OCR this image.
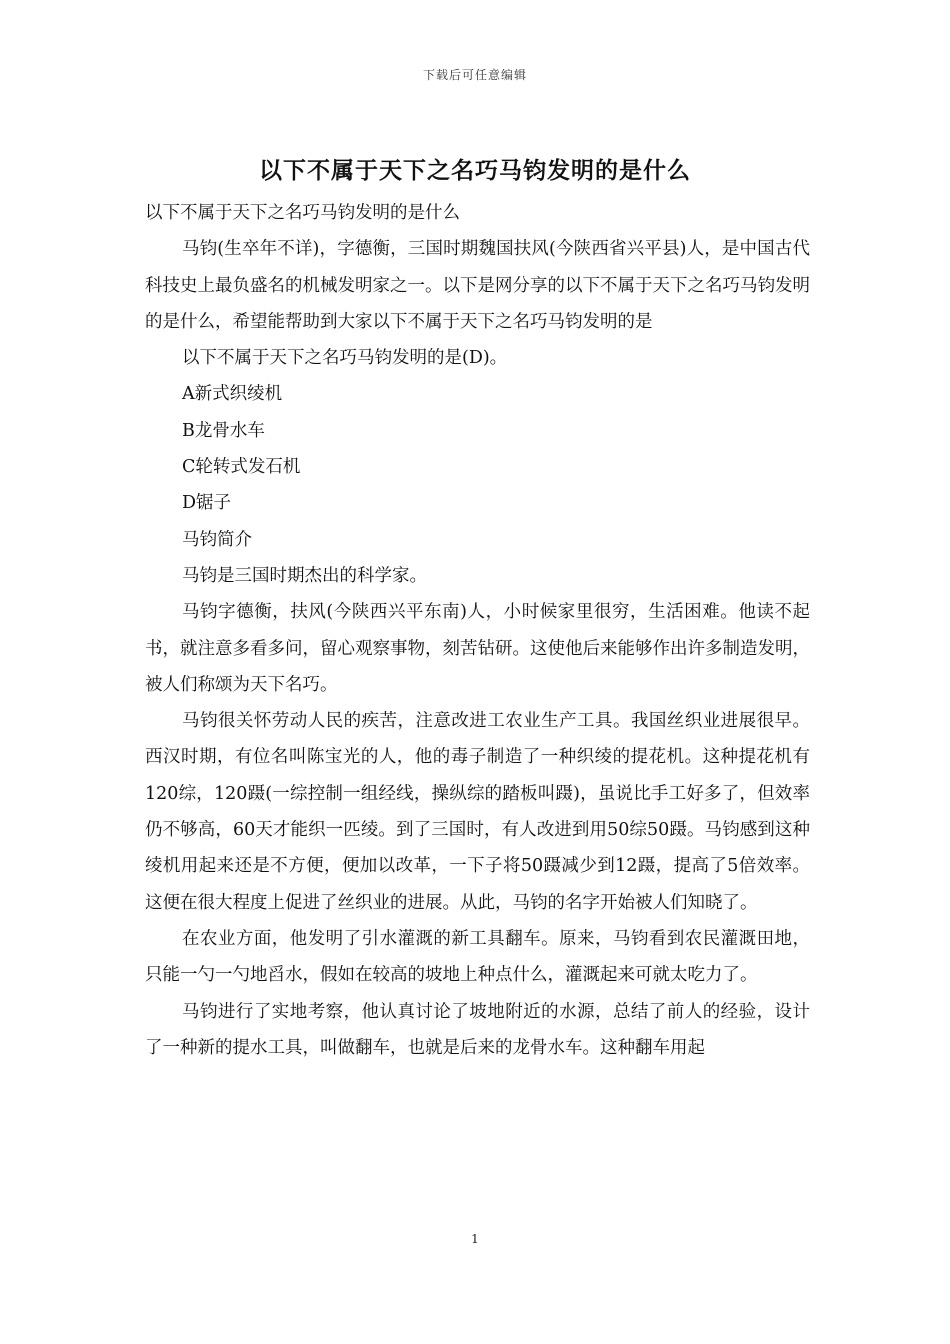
下载后可任意编辑
以下不属于天下之名巧马钧发明的是什么

以下不属于天下之名巧马钧发明的是什么

马钧(生卒年不详)，字德衡，三国时期魏国扶风(今陕西省兴平县)人，是中国古代科技史上最负盛名的机械发明家之一。以下是网分享的以下不属于天下之名巧马钧发明的是什么，希望能帮助到大家以下不属于天下之名巧马钧发明的是

以下不属于天下之名巧马钧发明的是(D)。

A新式织绫机

B龙骨水车

C轮转式发石机

D锯子

马钧简介

马钧是三国时期杰出的科学家。

马钧字德衡，扶风(今陕西兴平东南)人，小时候家里很穷，生活困难。他读不起书，就注意多看多问，留心观察事物，刻苦钻研。这使他后来能够作出许多制造发明，被人们称颂为天下名巧。

马钧很关怀劳动人民的疾苦，注意改进工农业生产工具。我国丝织业进展很早。西汉时期，有位名叫陈宝光的人，他的毒子制造了一种织绫的提花机。这种提花机有120综，120蹑(一综控制一组经线，操纵综的踏板叫蹑)，虽说比手工好多了，但效率仍不够高，60天才能织一匹绫。到了三国时，有人改进到用50综50蹑。马钧感到这种绫机用起来还是不方便，便加以改革，一下子将50蹑减少到12蹑，提高了5倍效率。这便在很大程度上促进了丝织业的进展。从此，马钧的名字开始被人们知晓了。

在农业方面，他发明了引水灌溉的新工具翻车。原来，马钧看到农民灌溉田地，只能一勺一勺地舀水，假如在较高的坡地上种点什么，灌溉起来可就太吃力了。

马钧进行了实地考察，他认真讨论了坡地附近的水源，总结了前人的经验，设计了一种新的提水工具，叫做翻车，也就是后来的龙骨水车。这种翻车用起

1
